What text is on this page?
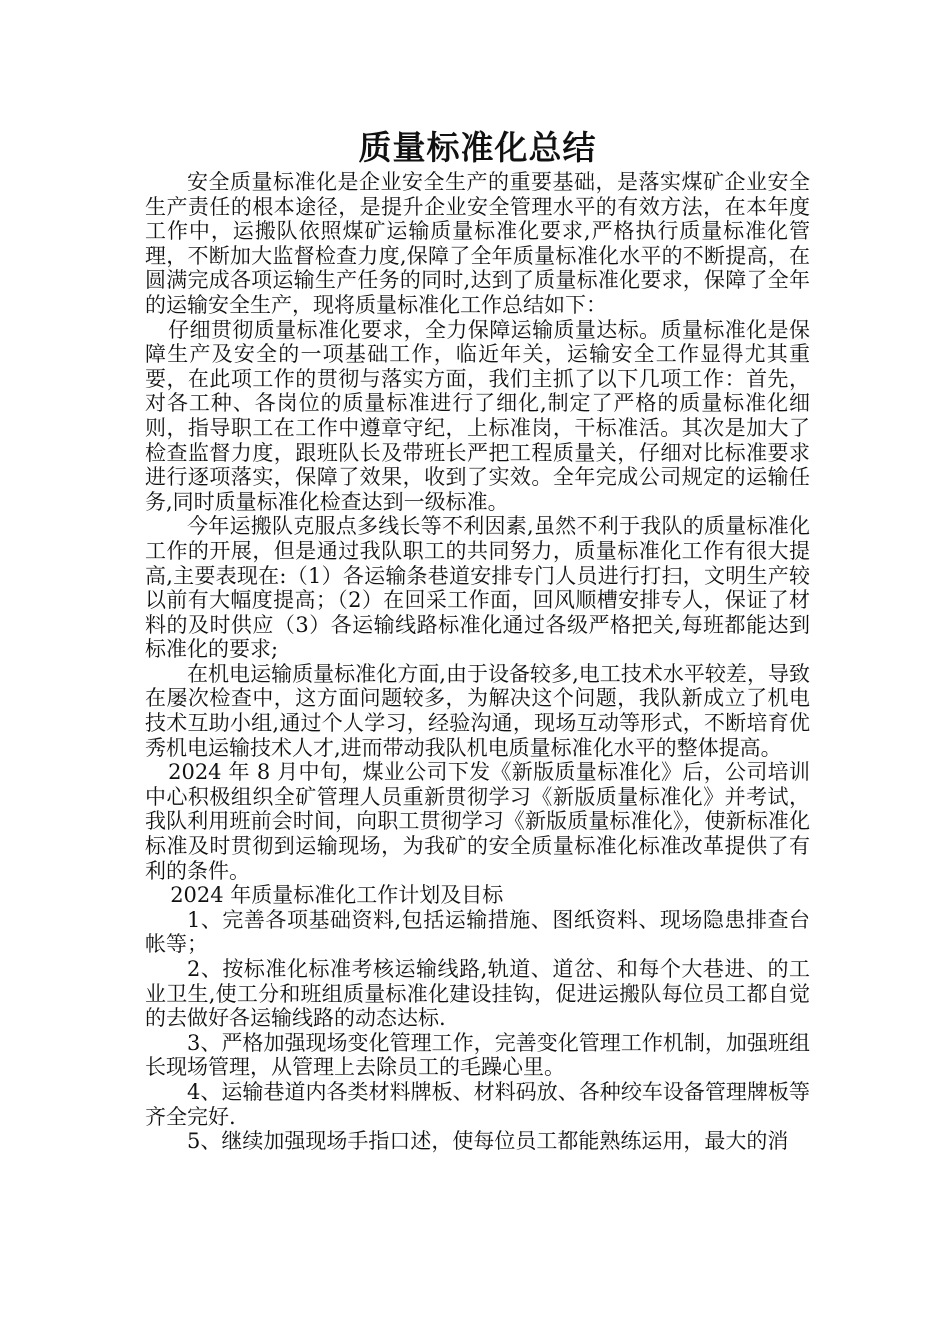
质量标准化总结

安全质量标准化是企业安全生产的重要基础，是落实煤矿企业安全生产责任的根本途径，是提升企业安全管理水平的有效方法，在本年度工作中，运搬队依照煤矿运输质量标准化要求,严格执行质量标准化管理，不断加大监督检查力度,保障了全年质量标准化水平的不断提高，在圆满完成各项运输生产任务的同时,达到了质量标准化要求，保障了全年的运输安全生产，现将质量标准化工作总结如下：

仔细贯彻质量标准化要求，全力保障运输质量达标。质量标准化是保障生产及安全的一项基础工作，临近年关，运输安全工作显得尤其重要，在此项工作的贯彻与落实方面，我们主抓了以下几项工作：首先，对各工种、各岗位的质量标准进行了细化,制定了严格的质量标准化细则，指导职工在工作中遵章守纪，上标准岗，干标准活。其次是加大了检查监督力度，跟班队长及带班长严把工程质量关，仔细对比标准要求进行逐项落实，保障了效果，收到了实效。全年完成公司规定的运输任务,同时质量标准化检查达到一级标准。

今年运搬队克服点多线长等不利因素,虽然不利于我队的质量标准化工作的开展，但是通过我队职工的共同努力，质量标准化工作有很大提高,主要表现在:（1）各运输条巷道安排专门人员进行打扫，文明生产较以前有大幅度提高；（2）在回采工作面，回风顺槽安排专人，保证了材料的及时供应（3）各运输线路标准化通过各级严格把关,每班都能达到标准化的要求;

在机电运输质量标准化方面,由于设备较多,电工技术水平较差，导致在屡次检查中，这方面问题较多，为解决这个问题，我队新成立了机电技术互助小组,通过个人学习，经验沟通，现场互动等形式，不断培育优秀机电运输技术人才,进而带动我队机电质量标准化水平的整体提高。

2024 年 8 月中旬，煤业公司下发《新版质量标准化》后，公司培训中心积极组织全矿管理人员重新贯彻学习《新版质量标准化》并考试，我队利用班前会时间，向职工贯彻学习《新版质量标准化》，使新标准化标准及时贯彻到运输现场，为我矿的安全质量标准化标准改革提供了有利的条件。

2024 年质量标准化工作计划及目标

1、完善各项基础资料,包括运输措施、图纸资料、现场隐患排查台帐等；

2、按标准化标准考核运输线路,轨道、道岔、和每个大巷进、的工业卫生,使工分和班组质量标准化建设挂钩，促进运搬队每位员工都自觉的去做好各运输线路的动态达标.

3、严格加强现场变化管理工作，完善变化管理工作机制，加强班组长现场管理，从管理上去除员工的毛躁心里。

4、运输巷道内各类材料牌板、材料码放、各种绞车设备管理牌板等齐全完好.

5、继续加强现场手指口述，使每位员工都能熟练运用，最大的消
